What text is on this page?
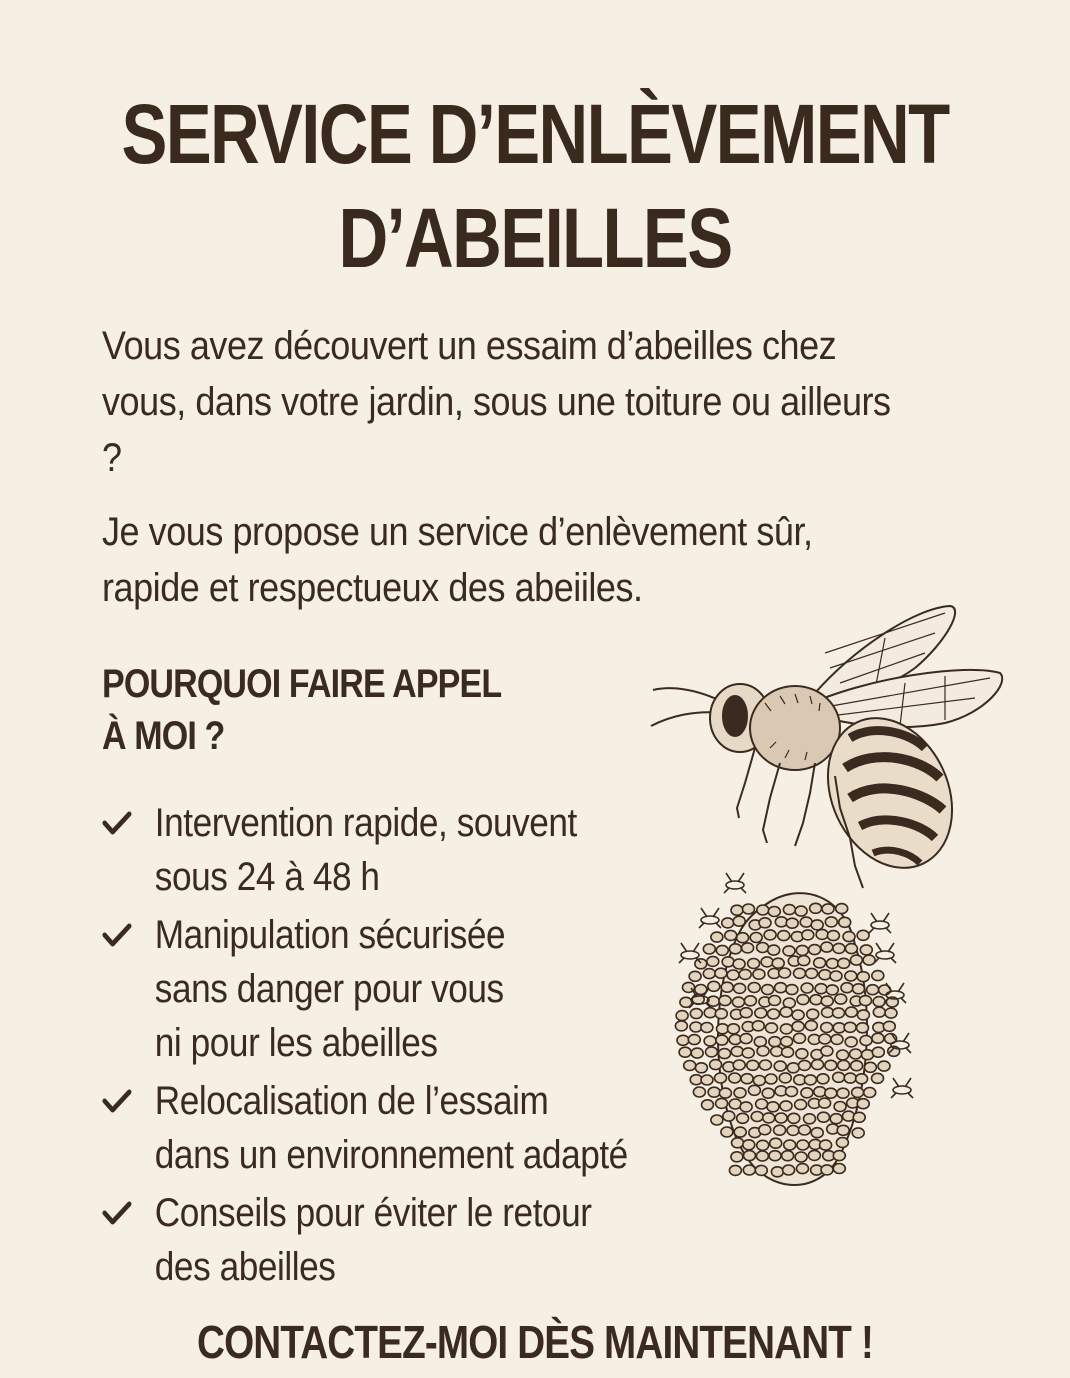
SERVICE D’ENLÈVEMENT
D’ABEILLES

Vous avez découvert un essaim d’abeilles chez vous, dans votre jardin, sous une toiture ou ailleurs ?

Je vous propose un service d’enlèvement sûr, rapide et respectueux des abeiiles.

POURQUOI FAIRE APPEL
À MOI ?
Intervention rapide, souvent
sous 24 à 48 h
Manipulation sécurisée
sans danger pour vous
ni pour les abeilles
Relocalisation de l’essaim
dans un environnement adapté
Conseils pour éviter le retour
des abeilles
CONTACTEZ-MOI DÈS MAINTENANT !
